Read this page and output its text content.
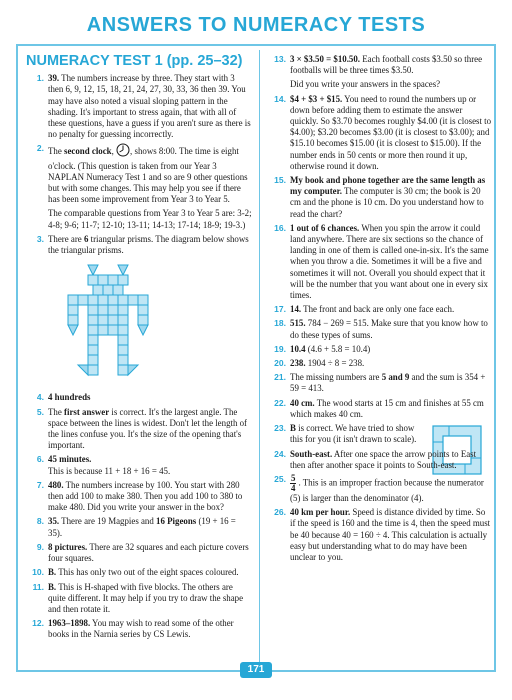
ANSWERS TO NUMERACY TESTS
NUMERACY TEST 1 (pp. 25–32)
1. 39. The numbers increase by three. They start with 3 then 6, 9, 12, 15, 18, 21, 24, 27, 30, 33, 36 then 39. You may have also noted a visual sloping pattern in the shading. It's important to stress again, that with all of these questions, have a guess if you aren't sure as there is no penalty for guessing incorrectly.

2. The second clock, , shows 8:00. The time is eight o'clock. (This question is taken from our Year 3 NAPLAN Numeracy Test 1 and so are 9 other questions but with some changes. This may help you see if there has been some improvement from Year 3 to Year 5.

The comparable questions from Year 3 to Year 5 are: 3-2; 4-8; 9-6; 11-7; 12-10; 13-11; 14-13; 17-14; 18-9; 19-3.)

3. There are 6 triangular prisms. The diagram below shows the triangular prisms.

4. 4 hundreds

5. The first answer is correct. It's the largest angle. The space between the lines is widest. Don't let the length of the lines confuse you. It's the size of the opening that's important.

6. 45 minutes.

This is because 11 + 18 + 16 = 45.

7. 480. The numbers increase by 100. You start with 280 then add 100 to make 380. Then you add 100 to 380 to make 480. Did you write your answer in the box?

8. 35. There are 19 Magpies and 16 Pigeons (19 + 16 = 35).

9. 8 pictures. There are 32 squares and each picture covers four squares.

10. B. This has only two out of the eight spaces coloured.

11. B. This is H-shaped with five blocks. The others are quite different. It may help if you try to draw the shape and then rotate it.

12. 1963–1898. You may wish to read some of the other books in the Narnia series by CS Lewis.

13. 3 × $3.50 = $10.50. Each football costs $3.50 so three footballs will be three times $3.50.

Did you write your answers in the spaces?

14. $4 + $3 + $15. You need to round the numbers up or down before adding them to estimate the answer quickly. So $3.70 becomes roughly $4.00 (it is closest to $4.00); $3.20 becomes $3.00 (it is closest to $3.00); and $15.10 becomes $15.00 (it is closest to $15.00). If the number ends in 50 cents or more then round it up, otherwise round it down.

15. My book and phone together are the same length as my computer. The computer is 30 cm; the book is 20 cm and the phone is 10 cm. Do you understand how to read the chart?

16. 1 out of 6 chances. When you spin the arrow it could land anywhere. There are six sections so the chance of landing in one of them is called one-in-six. It's the same when you throw a die. Sometimes it will be a five and sometimes it will not. Overall you should expect that it will be the number that you want about one in every six times.

17. 14. The front and back are only one face each.

18. 515. 784 − 269 = 515. Make sure that you know how to do these types of sums.

19. 10.4 (4.6 + 5.8 = 10.4)

20. 238. 1904 ÷ 8 = 238.

21. The missing numbers are 5 and 9 and the sum is 354 + 59 = 413.

22. 40 cm. The wood starts at 15 cm and finishes at 55 cm which makes 40 cm.

23. B is correct. We have tried to show this for you (it isn't drawn to scale).

24. South-east. After one space the arrow points to East then after another space it points to South-east.

25. $\frac{5}{4}$ . This is an improper fraction because the numerator (5) is larger than the denominator (4).

26. 40 km per hour. Speed is distance divided by time. So if the speed is 160 and the time is 4, then the speed must be 40 because 40 = 160 ÷ 4. This calculation is actually easy but understanding what to do may have been unclear to you.

171
